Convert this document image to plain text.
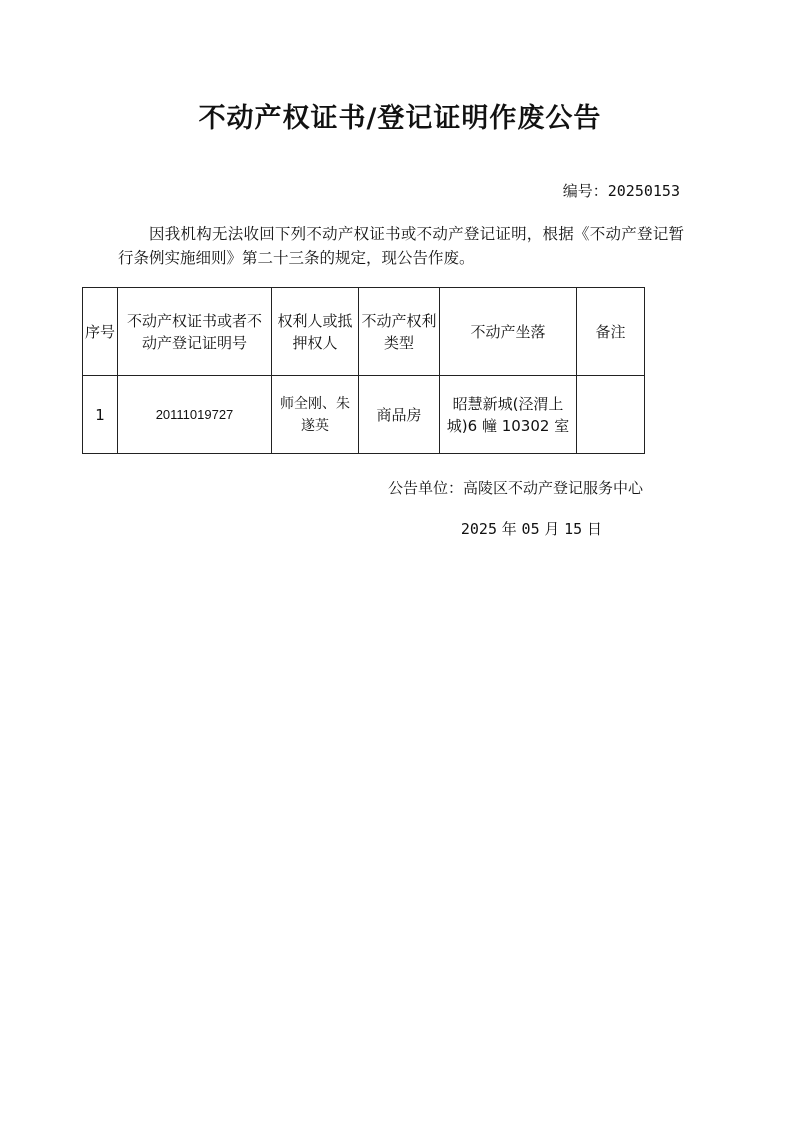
不动产权证书/登记证明作废公告
编号：20250153
因我机构无法收回下列不动产权证书或不动产登记证明，根据《不动产登记暂行条例实施细则》第二十三条的规定，现公告作废。
序号	不动产权证书或者不动产登记证明号	权利人或抵押权人	不动产权利类型	不动产坐落	备注
1	20111019727	师全刚、朱遂英	商品房	昭慧新城(泾渭上城)6 幢 10302 室	
公告单位：高陵区不动产登记服务中心
2025 年 05 月 15 日
